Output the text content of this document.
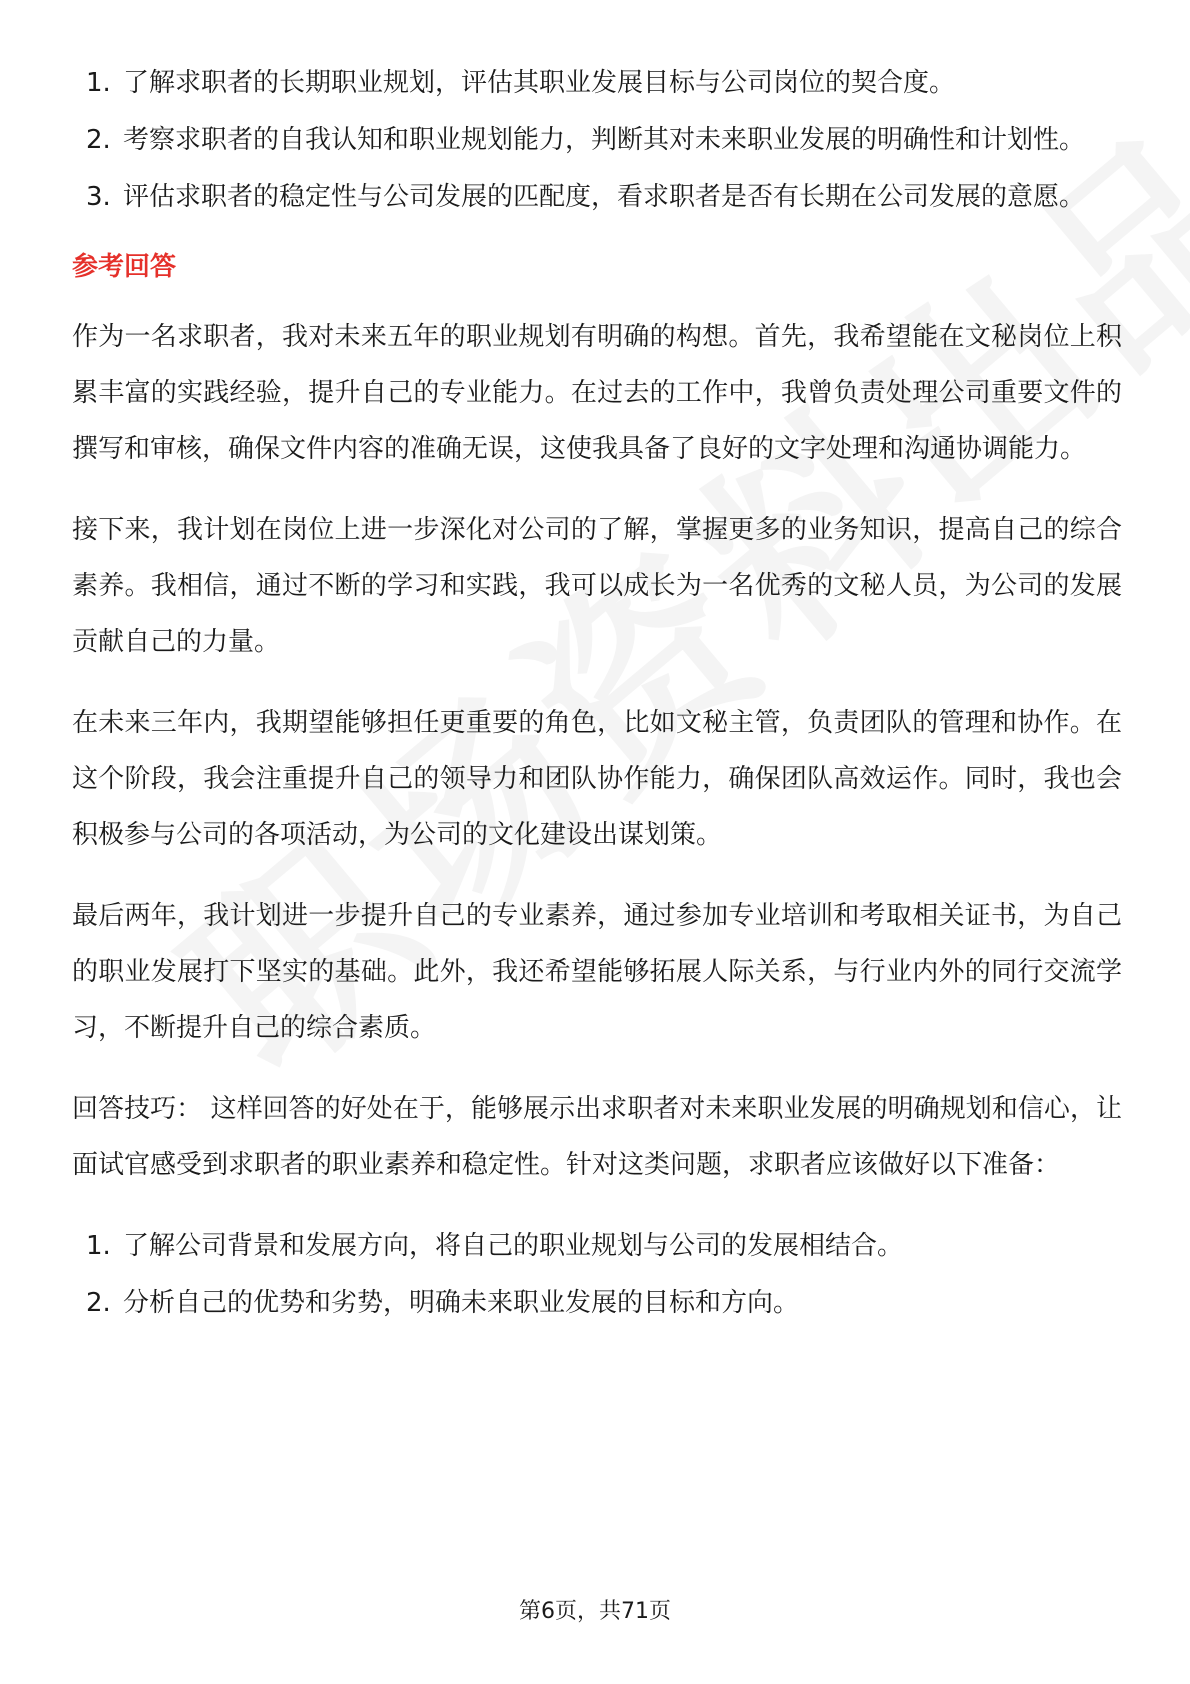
1. 了解求职者的长期职业规划，评估其职业发展目标与公司岗位的契合度。
2. 考察求职者的自我认知和职业规划能力，判断其对未来职业发展的明确性和计划性。
3. 评估求职者的稳定性与公司发展的匹配度，看求职者是否有长期在公司发展的意愿。
参考回答

作为一名求职者，我对未来五年的职业规划有明确的构想。首先，我希望能在文秘岗位上积累丰富的实践经验，提升自己的专业能力。在过去的工作中，我曾负责处理公司重要文件的撰写和审核，确保文件内容的准确无误，这使我具备了良好的文字处理和沟通协调能力。

接下来，我计划在岗位上进一步深化对公司的了解，掌握更多的业务知识，提高自己的综合素养。我相信，通过不断的学习和实践，我可以成长为一名优秀的文秘人员，为公司的发展贡献自己的力量。

在未来三年内，我期望能够担任更重要的角色，比如文秘主管，负责团队的管理和协作。在这个阶段，我会注重提升自己的领导力和团队协作能力，确保团队高效运作。同时，我也会积极参与公司的各项活动，为公司的文化建设出谋划策。

最后两年，我计划进一步提升自己的专业素养，通过参加专业培训和考取相关证书，为自己的职业发展打下坚实的基础。此外，我还希望能够拓展人际关系，与行业内外的同行交流学习，不断提升自己的综合素质。

回答技巧： 这样回答的好处在于，能够展示出求职者对未来职业发展的明确规划和信心，让面试官感受到求职者的职业素养和稳定性。针对这类问题，求职者应该做好以下准备：

1. 了解公司背景和发展方向，将自己的职业规划与公司的发展相结合。
2. 分析自己的优势和劣势，明确未来职业发展的目标和方向。
第6页，共71页
